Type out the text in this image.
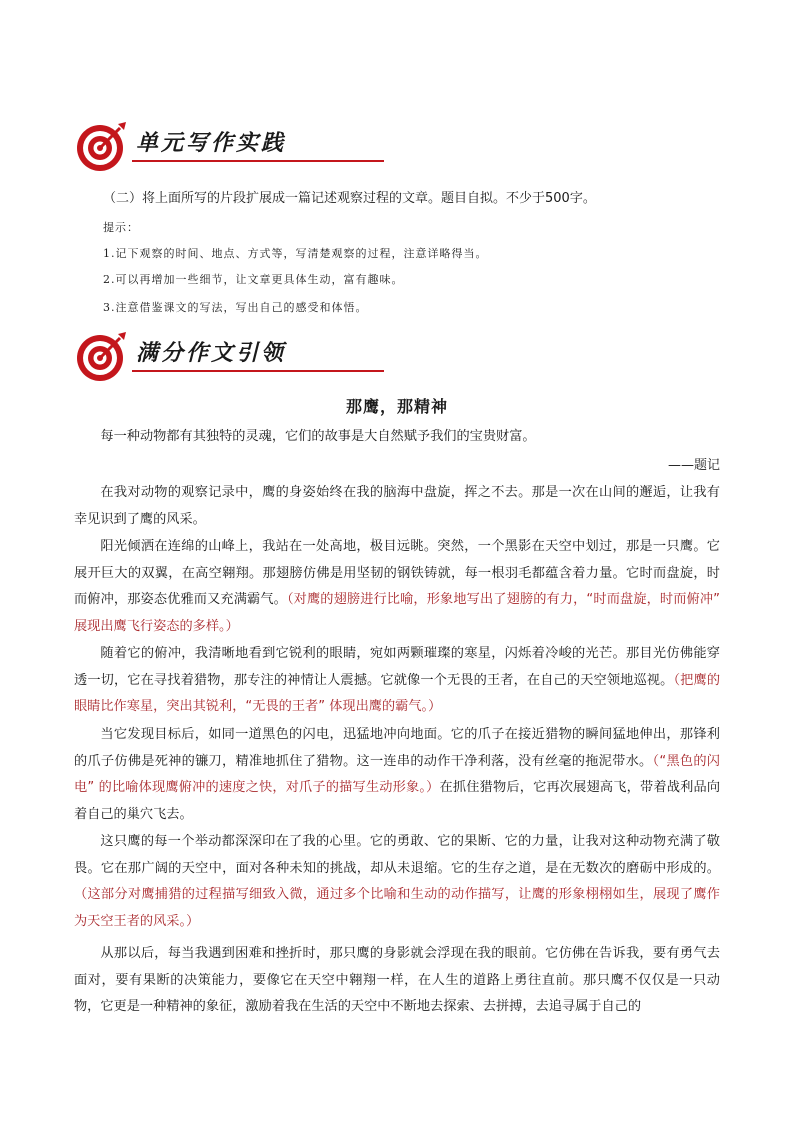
单元写作实践
（二）将上面所写的片段扩展成一篇记述观察过程的文章。题目自拟。不少于500字。
提示：
1.记下观察的时间、地点、方式等，写清楚观察的过程，注意详略得当。
2.可以再增加一些细节，让文章更具体生动，富有趣味。
3.注意借鉴课文的写法，写出自己的感受和体悟。
满分作文引领
那鹰，那精神
每一种动物都有其独特的灵魂，它们的故事是大自然赋予我们的宝贵财富。
——题记
在我对动物的观察记录中，鹰的身姿始终在我的脑海中盘旋，挥之不去。那是一次在山间的邂逅，让我有幸见识到了鹰的风采。
阳光倾洒在连绵的山峰上，我站在一处高地，极目远眺。突然，一个黑影在天空中划过，那是一只鹰。它展开巨大的双翼，在高空翱翔。那翅膀仿佛是用坚韧的钢铁铸就，每一根羽毛都蕴含着力量。它时而盘旋，时而俯冲，那姿态优雅而又充满霸气。（对鹰的翅膀进行比喻，形象地写出了翅膀的有力，“时而盘旋，时而俯冲” 展现出鹰飞行姿态的多样。）
随着它的俯冲，我清晰地看到它锐利的眼睛，宛如两颗璀璨的寒星，闪烁着冷峻的光芒。那目光仿佛能穿透一切，它在寻找着猎物，那专注的神情让人震撼。它就像一个无畏的王者，在自己的天空领地巡视。（把鹰的眼睛比作寒星，突出其锐利，“无畏的王者” 体现出鹰的霸气。）
当它发现目标后，如同一道黑色的闪电，迅猛地冲向地面。它的爪子在接近猎物的瞬间猛地伸出，那锋利的爪子仿佛是死神的镰刀，精准地抓住了猎物。这一连串的动作干净利落，没有丝毫的拖泥带水。（“黑色的闪电” 的比喻体现鹰俯冲的速度之快，对爪子的描写生动形象。）在抓住猎物后，它再次展翅高飞，带着战利品向着自己的巢穴飞去。
这只鹰的每一个举动都深深印在了我的心里。它的勇敢、它的果断、它的力量，让我对这种动物充满了敬畏。它在那广阔的天空中，面对各种未知的挑战，却从未退缩。它的生存之道，是在无数次的磨砺中形成的。（这部分对鹰捕猎的过程描写细致入微，通过多个比喻和生动的动作描写，让鹰的形象栩栩如生，展现了鹰作为天空王者的风采。）
从那以后，每当我遇到困难和挫折时，那只鹰的身影就会浮现在我的眼前。它仿佛在告诉我，要有勇气去面对，要有果断的决策能力，要像它在天空中翱翔一样，在人生的道路上勇往直前。那只鹰不仅仅是一只动物，它更是一种精神的象征，激励着我在生活的天空中不断地去探索、去拼搏，去追寻属于自己的
